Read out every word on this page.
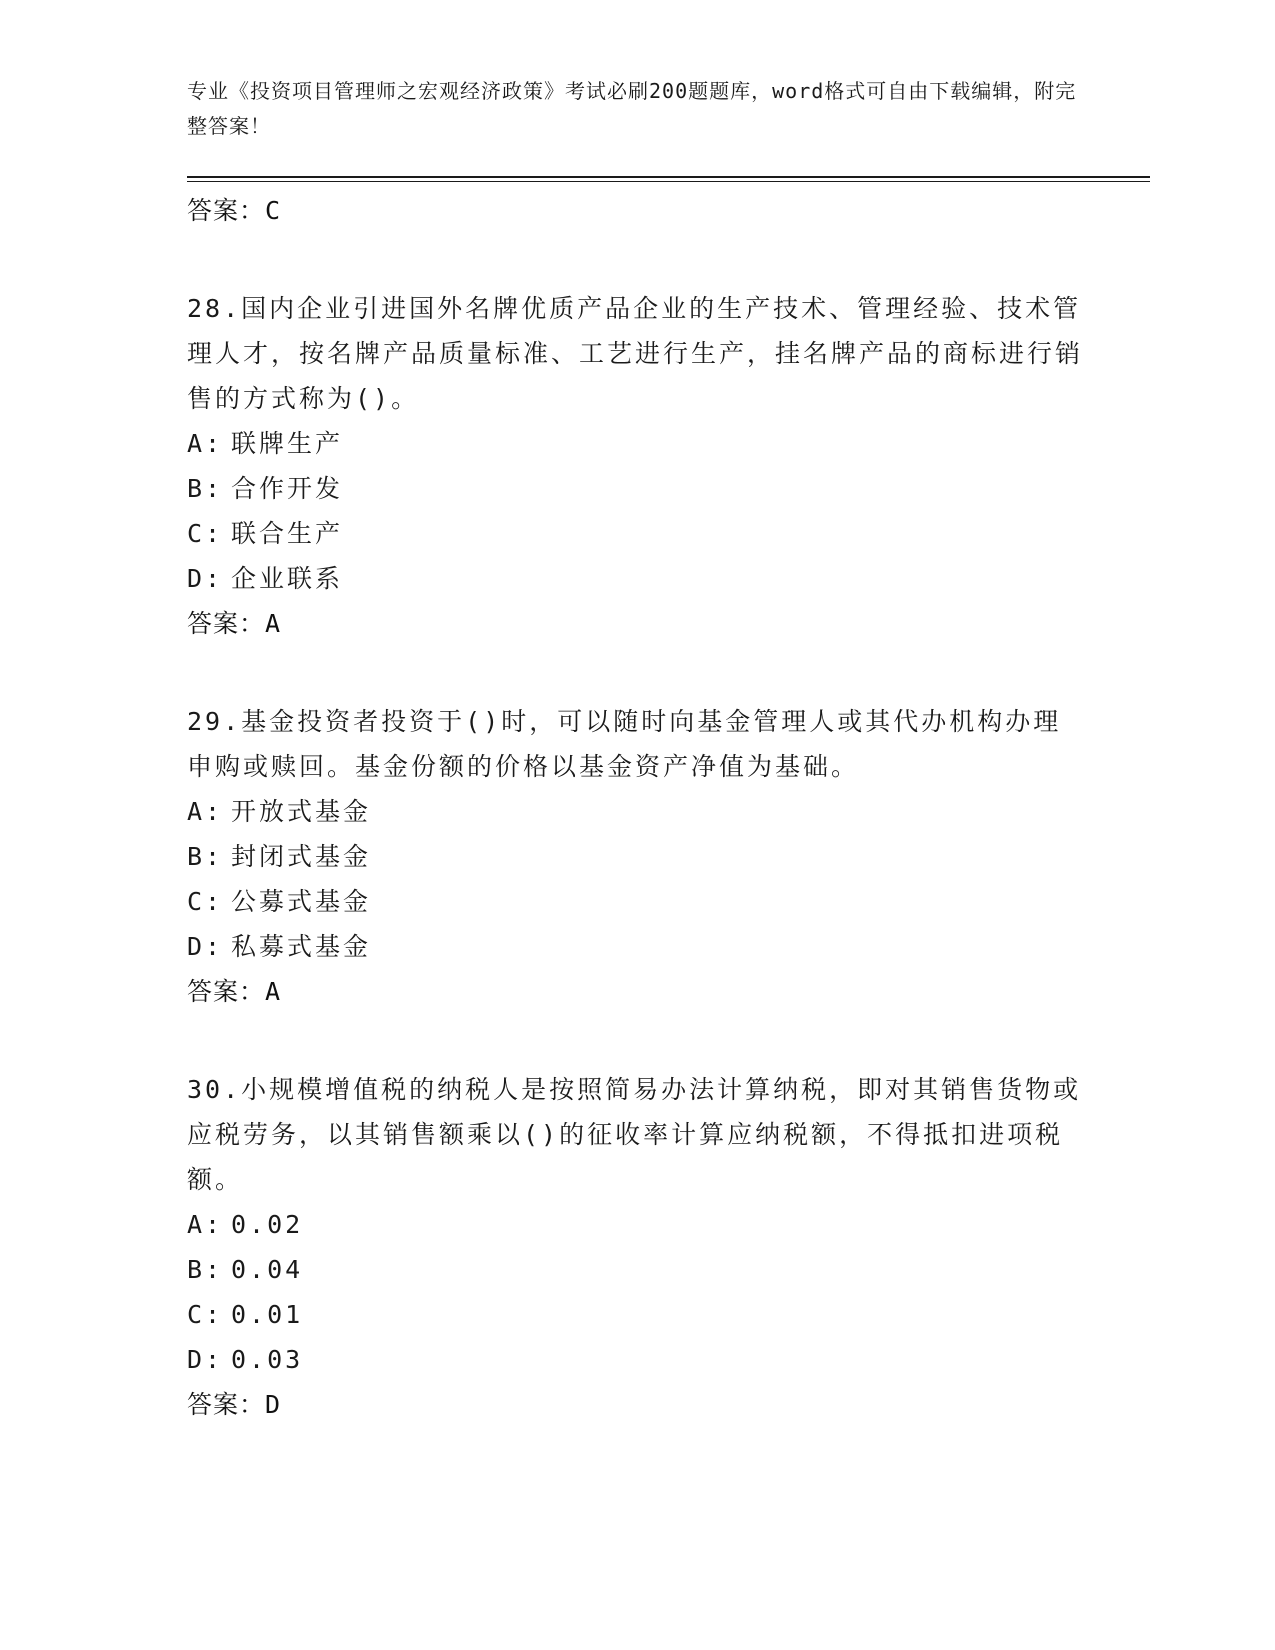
专业《投资项目管理师之宏观经济政策》考试必刷200题题库，word格式可自由下载编辑，附完整答案！
答案：C
28.国内企业引进国外名牌优质产品企业的生产技术、管理经验、技术管理人才，按名牌产品质量标准、工艺进行生产，挂名牌产品的商标进行销售的方式称为()。
A: 联牌生产
B: 合作开发
C: 联合生产
D: 企业联系
答案：A
29.基金投资者投资于()时，可以随时向基金管理人或其代办机构办理申购或赎回。基金份额的价格以基金资产净值为基础。
A: 开放式基金
B: 封闭式基金
C: 公募式基金
D: 私募式基金
答案：A
30.小规模增值税的纳税人是按照简易办法计算纳税，即对其销售货物或应税劳务，以其销售额乘以()的征收率计算应纳税额，不得抵扣进项税额。
A: 0.02
B: 0.04
C: 0.01
D: 0.03
答案：D
